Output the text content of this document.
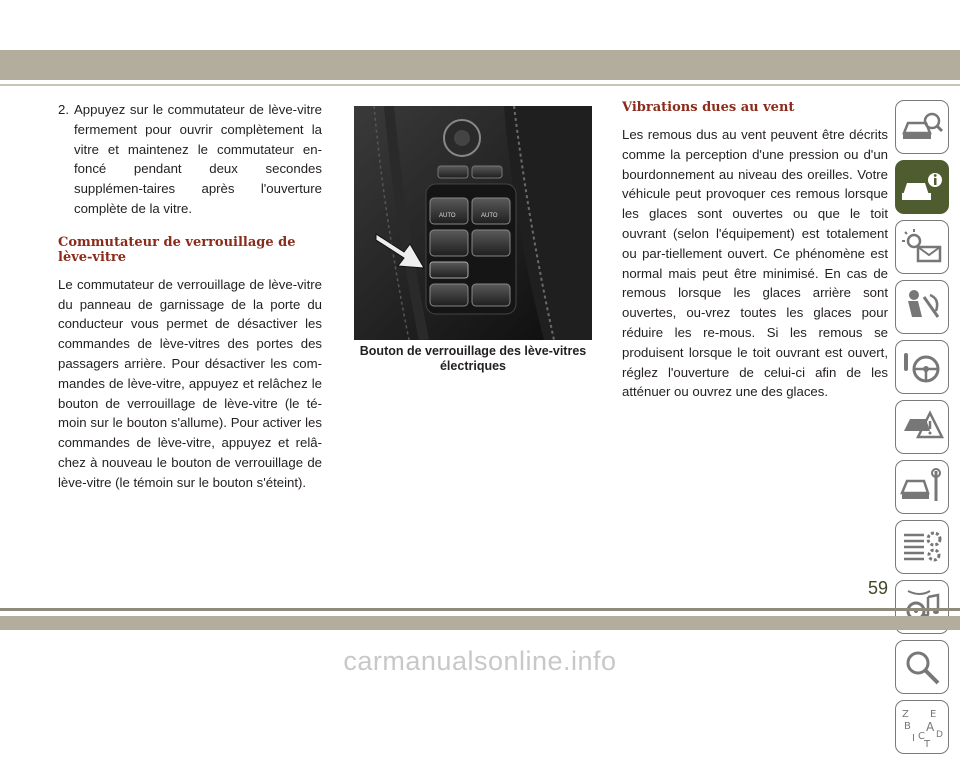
2. Appuyez sur le commutateur de lève-vitre fermement pour ouvrir complètement la vitre et maintenez le commutateur en-foncé pendant deux secondes supplémen-taires après l'ouverture complète de la vitre.
Commutateur de verrouillage de lève-vitre

Le commutateur de verrouillage de lève-vitre du panneau de garnissage de la porte du conducteur vous permet de désactiver les commandes de lève-vitres des portes des passagers arrière. Pour désactiver les com-mandes de lève-vitre, appuyez et relâchez le bouton de verrouillage de lève-vitre (le té-moin sur le bouton s'allume). Pour activer les commandes de lève-vitre, appuyez et relâ-chez à nouveau le bouton de verrouillage de lève-vitre (le témoin sur le bouton s'éteint).

AUTO	AUTO
Bouton de verrouillage des lève-vitres électriques
Vibrations dues au vent

Les remous dus au vent peuvent être décrits comme la perception d'une pression ou d'un bourdonnement au niveau des oreilles. Votre véhicule peut provoquer ces remous lorsque les glaces sont ouvertes ou que le toit ouvrant (selon l'équipement) est totalement ou par-tiellement ouvert. Ce phénomène est normal mais peut être minimisé. En cas de remous lorsque les glaces arrière sont ouvertes, ou-vrez toutes les glaces pour réduire les re-mous. Si les remous se produisent lorsque le toit ouvrant est ouvert, réglez l'ouverture de celui-ci afin de les atténuer ou ouvrez une des glaces.

Z E
B A
I C D
T
59
carmanualsonline.info
